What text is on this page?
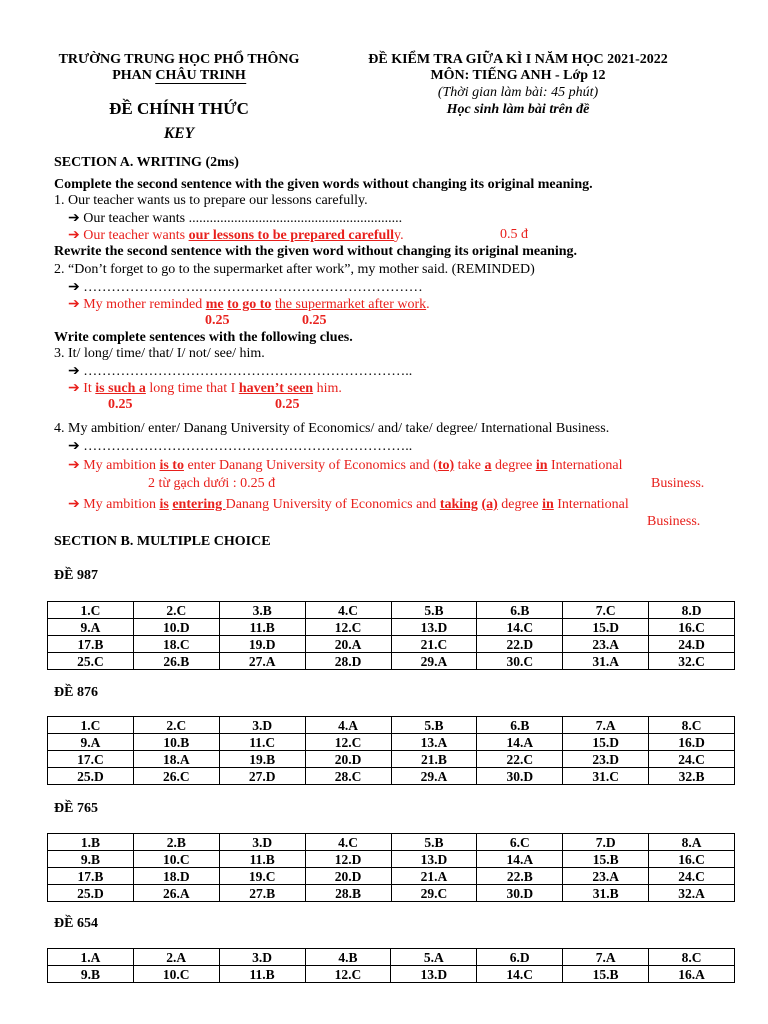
TRƯỜNG TRUNG HỌC PHỔ THÔNG
PHAN CHÂU TRINH
ĐỀ CHÍNH THỨC
KEY
ĐỀ KIỂM TRA GIỮA KÌ I NĂM HỌC 2021-2022
MÔN: TIẾNG ANH - Lớp 12
(Thời gian làm bài: 45 phút)
Học sinh làm bài trên đề
SECTION A. WRITING (2ms)
Complete the second sentence with the given words without changing its original meaning.
1. Our teacher wants us to prepare our lessons carefully.
➔ Our teacher wants .............................................................
➔ Our teacher wants our lessons to be prepared carefully.	0.5 đ
Rewrite the second sentence with the given word without changing its original meaning.
2. “Don’t forget to go to the supermarket after work”, my mother said. (REMINDED)
➔ …………………….…………………………………………
➔ My mother reminded me to go to the supermarket after work.
0.25	0.25
Write complete sentences with the following clues.
3. It/ long/ time/ that/ I/ not/ see/ him.
➔ ……………………………………………………………..
➔ It is such a long time that I haven’t seen him.
0.25	0.25
4. My ambition/ enter/ Danang University of Economics/ and/ take/ degree/ International Business.
➔ ……………………………………………………………..
➔ My ambition is to enter Danang University of Economics and (to) take a degree in International
2 từ gạch dưới : 0.25 đ	Business.
➔ My ambition is entering Danang University of Economics and taking (a) degree in International
Business.
SECTION B. MULTIPLE CHOICE
ĐỀ 987
1.C	2.C	3.B	4.C	5.B	6.B	7.C	8.D
9.A	10.D	11.B	12.C	13.D	14.C	15.D	16.C
17.B	18.C	19.D	20.A	21.C	22.D	23.A	24.D
25.C	26.B	27.A	28.D	29.A	30.C	31.A	32.C
ĐỀ 876
1.C	2.C	3.D	4.A	5.B	6.B	7.A	8.C
9.A	10.B	11.C	12.C	13.A	14.A	15.D	16.D
17.C	18.A	19.B	20.D	21.B	22.C	23.D	24.C
25.D	26.C	27.D	28.C	29.A	30.D	31.C	32.B
ĐỀ 765
1.B	2.B	3.D	4.C	5.B	6.C	7.D	8.A
9.B	10.C	11.B	12.D	13.D	14.A	15.B	16.C
17.B	18.D	19.C	20.D	21.A	22.B	23.A	24.C
25.D	26.A	27.B	28.B	29.C	30.D	31.B	32.A
ĐỀ 654
1.A	2.A	3.D	4.B	5.A	6.D	7.A	8.C
9.B	10.C	11.B	12.C	13.D	14.C	15.B	16.A
